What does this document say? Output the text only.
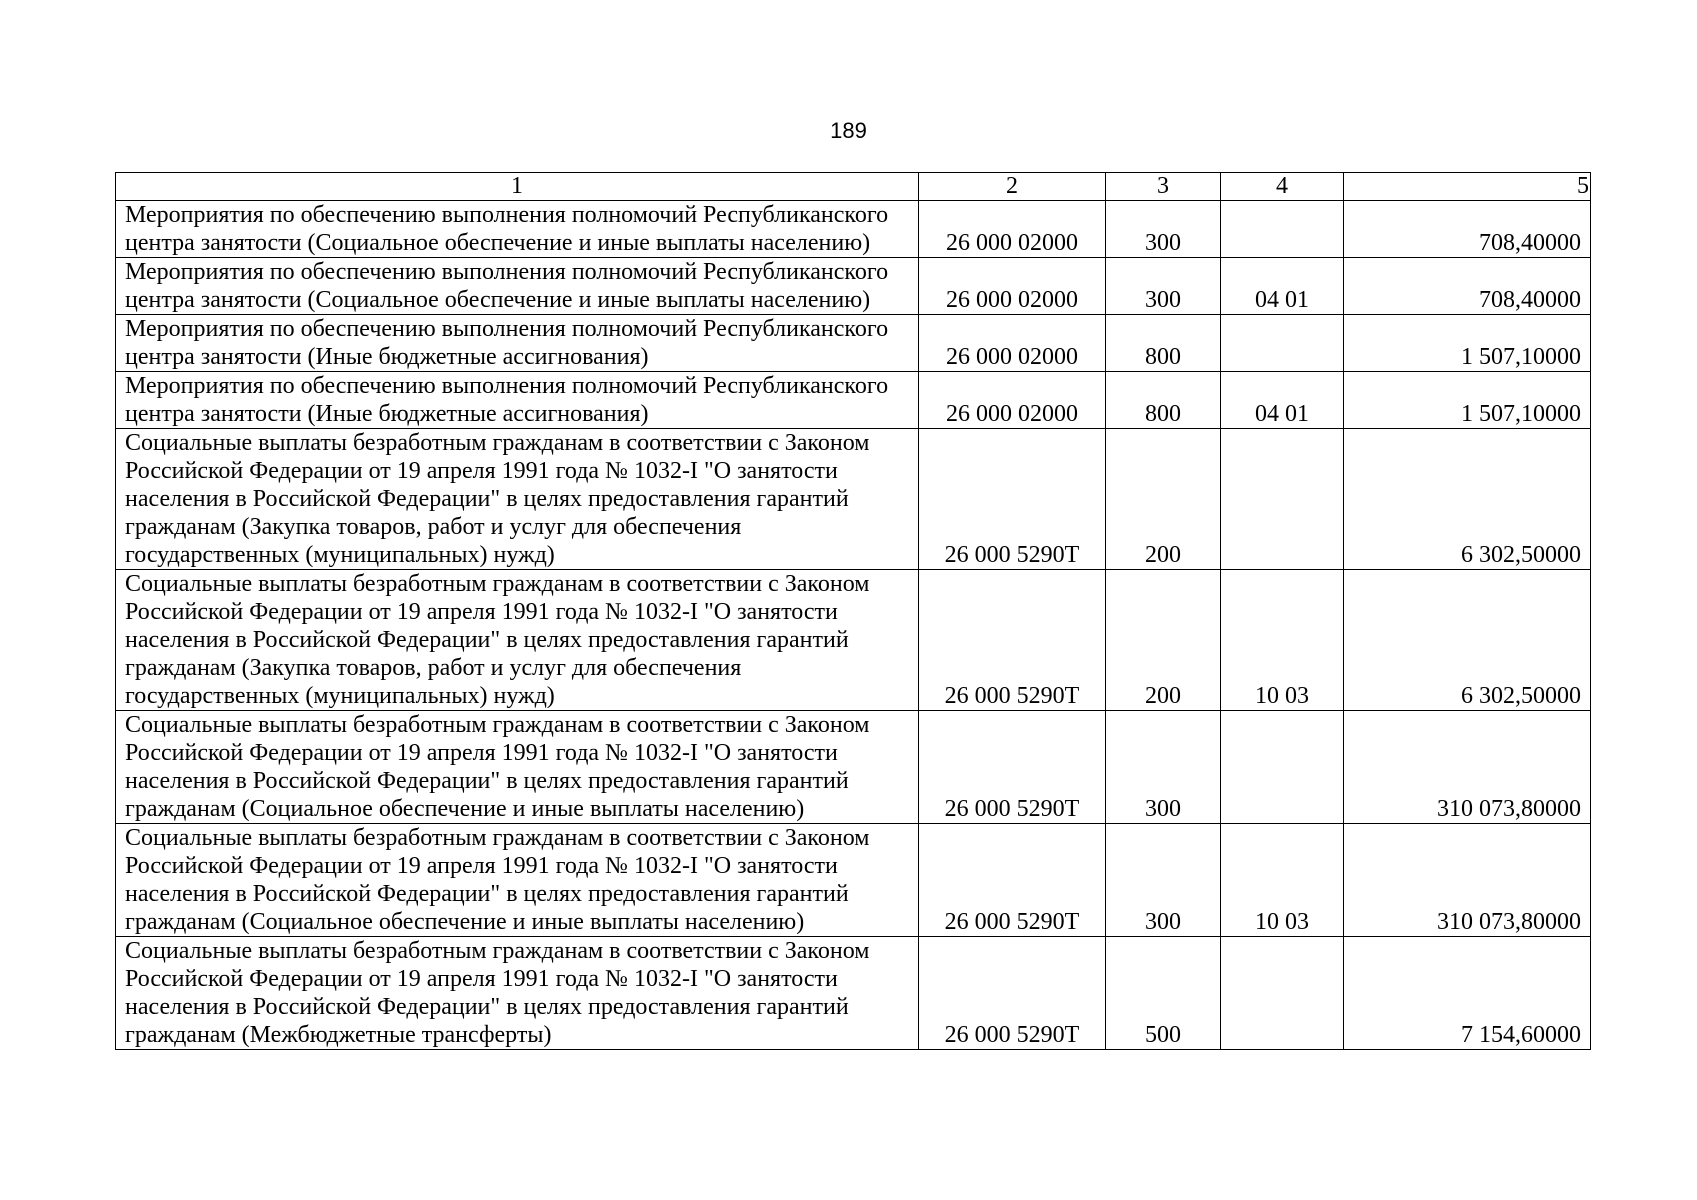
189
1	2	3	4	5
Мероприятия по обеспечению выполнения полномочий Республиканского
центра занятости (Социальное обеспечение и иные выплаты населению)	26 000 02000	300		708,40000
Мероприятия по обеспечению выполнения полномочий Республиканского
центра занятости (Социальное обеспечение и иные выплаты населению)	26 000 02000	300	04 01	708,40000
Мероприятия по обеспечению выполнения полномочий Республиканского
центра занятости (Иные бюджетные ассигнования)	26 000 02000	800		1 507,10000
Мероприятия по обеспечению выполнения полномочий Республиканского
центра занятости (Иные бюджетные ассигнования)	26 000 02000	800	04 01	1 507,10000
Социальные выплаты безработным гражданам в соответствии с Законом
Российской Федерации от 19 апреля 1991 года № 1032-I "О занятости
населения в Российской Федерации" в целях предоставления гарантий
гражданам (Закупка товаров, работ и услуг для обеспечения
государственных (муниципальных) нужд)	26 000 5290Т	200		6 302,50000
Социальные выплаты безработным гражданам в соответствии с Законом
Российской Федерации от 19 апреля 1991 года № 1032-I "О занятости
населения в Российской Федерации" в целях предоставления гарантий
гражданам (Закупка товаров, работ и услуг для обеспечения
государственных (муниципальных) нужд)	26 000 5290Т	200	10 03	6 302,50000
Социальные выплаты безработным гражданам в соответствии с Законом
Российской Федерации от 19 апреля 1991 года № 1032-I "О занятости
населения в Российской Федерации" в целях предоставления гарантий
гражданам (Социальное обеспечение и иные выплаты населению)	26 000 5290Т	300		310 073,80000
Социальные выплаты безработным гражданам в соответствии с Законом
Российской Федерации от 19 апреля 1991 года № 1032-I "О занятости
населения в Российской Федерации" в целях предоставления гарантий
гражданам (Социальное обеспечение и иные выплаты населению)	26 000 5290Т	300	10 03	310 073,80000
Социальные выплаты безработным гражданам в соответствии с Законом
Российской Федерации от 19 апреля 1991 года № 1032-I "О занятости
населения в Российской Федерации" в целях предоставления гарантий
гражданам (Межбюджетные трансферты)	26 000 5290Т	500		7 154,60000
